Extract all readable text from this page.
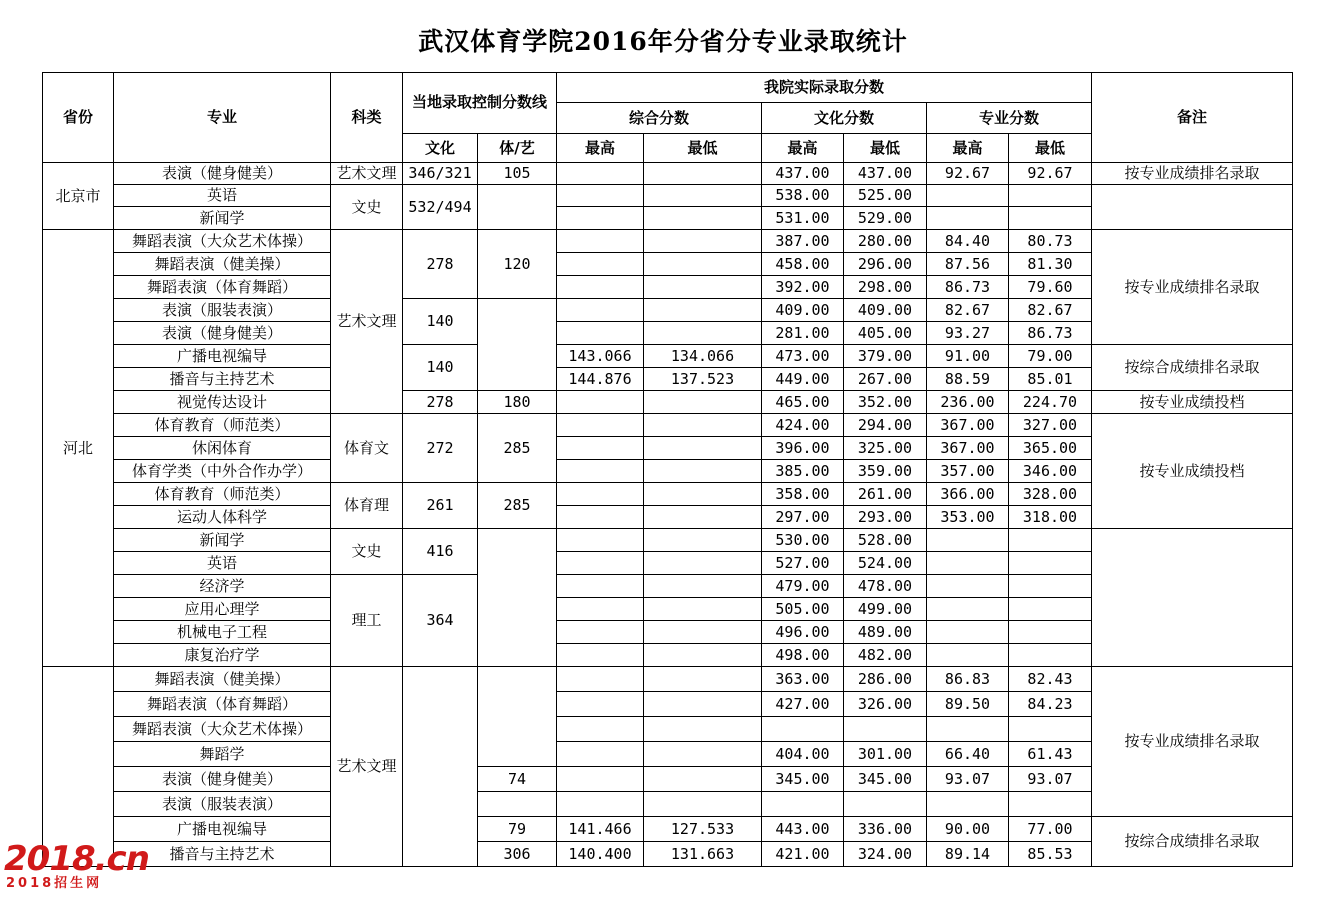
武汉体育学院2016年分省分专业录取统计
省份	专业	科类	当地录取控制分数线		我院实际录取分数						备注
					综合分数		文化分数		专业分数		
			文化	体/艺	最高	最低	最高	最低	最高	最低	
北京市	表演（健身健美）	艺术文理	346/321	105			437.00	437.00	92.67	92.67	按专业成绩排名录取
	英语	文史	532/494				538.00	525.00			
	新闻学						531.00	529.00			
河北	舞蹈表演（大众艺术体操）	艺术文理	278	120			387.00	280.00	84.40	80.73	按专业成绩排名录取
	舞蹈表演（健美操）						458.00	296.00	87.56	81.30	
	舞蹈表演（体育舞蹈）						392.00	298.00	86.73	79.60	
	表演（服装表演）		140				409.00	409.00	82.67	82.67	
	表演（健身健美）						281.00	405.00	93.27	86.73	
	广播电视编导		140		143.066	134.066	473.00	379.00	91.00	79.00	按综合成绩排名录取
	播音与主持艺术				144.876	137.523	449.00	267.00	88.59	85.01	
	视觉传达设计		278	180			465.00	352.00	236.00	224.70	按专业成绩投档
	体育教育（师范类）	体育文	272	285			424.00	294.00	367.00	327.00	按专业成绩投档
	休闲体育						396.00	325.00	367.00	365.00	
	体育学类（中外合作办学）						385.00	359.00	357.00	346.00	
	体育教育（师范类）	体育理	261	285			358.00	261.00	366.00	328.00	
	运动人体科学						297.00	293.00	353.00	318.00	
	新闻学	文史	416				530.00	528.00			
	英语						527.00	524.00			
	经济学	理工	364				479.00	478.00			
	应用心理学						505.00	499.00			
	机械电子工程						496.00	489.00			
	康复治疗学						498.00	482.00			
	舞蹈表演（健美操）	艺术文理					363.00	286.00	86.83	82.43	按专业成绩排名录取
	舞蹈表演（体育舞蹈）						427.00	326.00	89.50	84.23	
	舞蹈表演（大众艺术体操）										
	舞蹈学						404.00	301.00	66.40	61.43	
	表演（健身健美）			74			345.00	345.00	93.07	93.07	
	表演（服装表演）										
	广播电视编导			79	141.466	127.533	443.00	336.00	90.00	77.00	按综合成绩排名录取
	播音与主持艺术			306	140.400	131.663	421.00	324.00	89.14	85.53	
2018.cn
2018招生网
